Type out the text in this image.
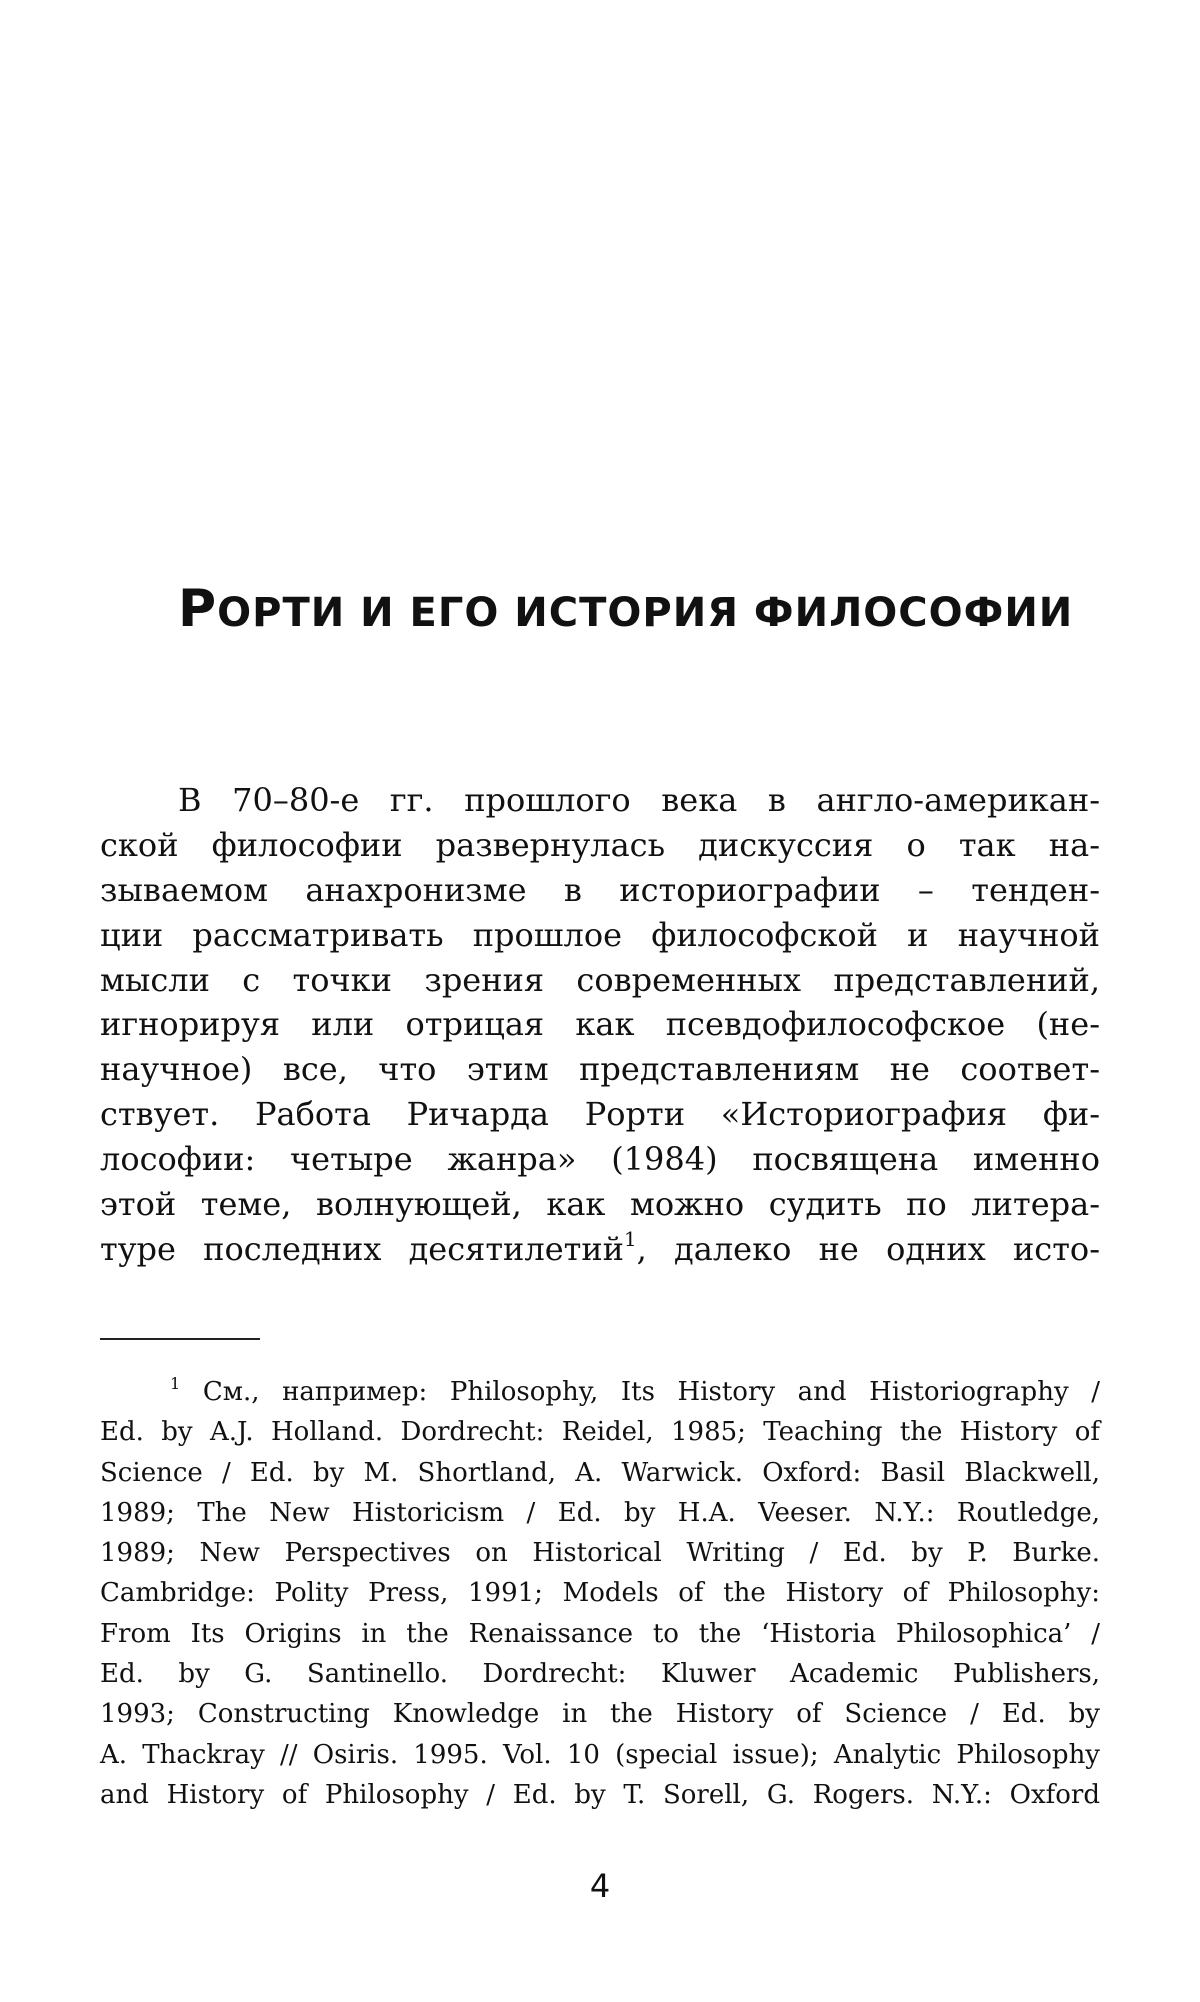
РОРТИ И ЕГО ИСТОРИЯ ФИЛОСОФИИ
В 70–80-е гг. прошлого века в англо-американ-
ской философии развернулась дискуссия о так на-
зываемом анахронизме в историографии – тенден-
ции рассматривать прошлое философской и научной
мысли с точки зрения современных представлений,
игнорируя или отрицая как псевдофилософское (не-
научное) все, что этим представлениям не соответ-
ствует. Работа Ричарда Рорти «Историография фи-
лософии: четыре жанра» (1984) посвящена именно
этой теме, волнующей, как можно судить по литера-
туре последних десятилетий$^1$, далеко не одних исто-
$^1$ См., например: Philosophy, Its History and Historiography /
Ed. by A.J. Holland. Dordrecht: Reidel, 1985; Teaching the History of
Science / Ed. by M. Shortland, A. Warwick. Oxford: Basil Blackwell,
1989; The New Historicism / Ed. by H.A. Veeser. N.Y.: Routledge,
1989; New Perspectives on Historical Writing / Ed. by P. Burke.
Cambridge: Polity Press, 1991; Models of the History of Philosophy:
From Its Origins in the Renaissance to the ‘Historia Philosophica’ /
Ed. by G. Santinello. Dordrecht: Kluwer Academic Publishers,
1993; Constructing Knowledge in the History of Science / Ed. by
A. Thackray // Osiris. 1995. Vol. 10 (special issue); Analytic Philosophy
and History of Philosophy / Ed. by T. Sorell, G. Rogers. N.Y.: Oxford
4
